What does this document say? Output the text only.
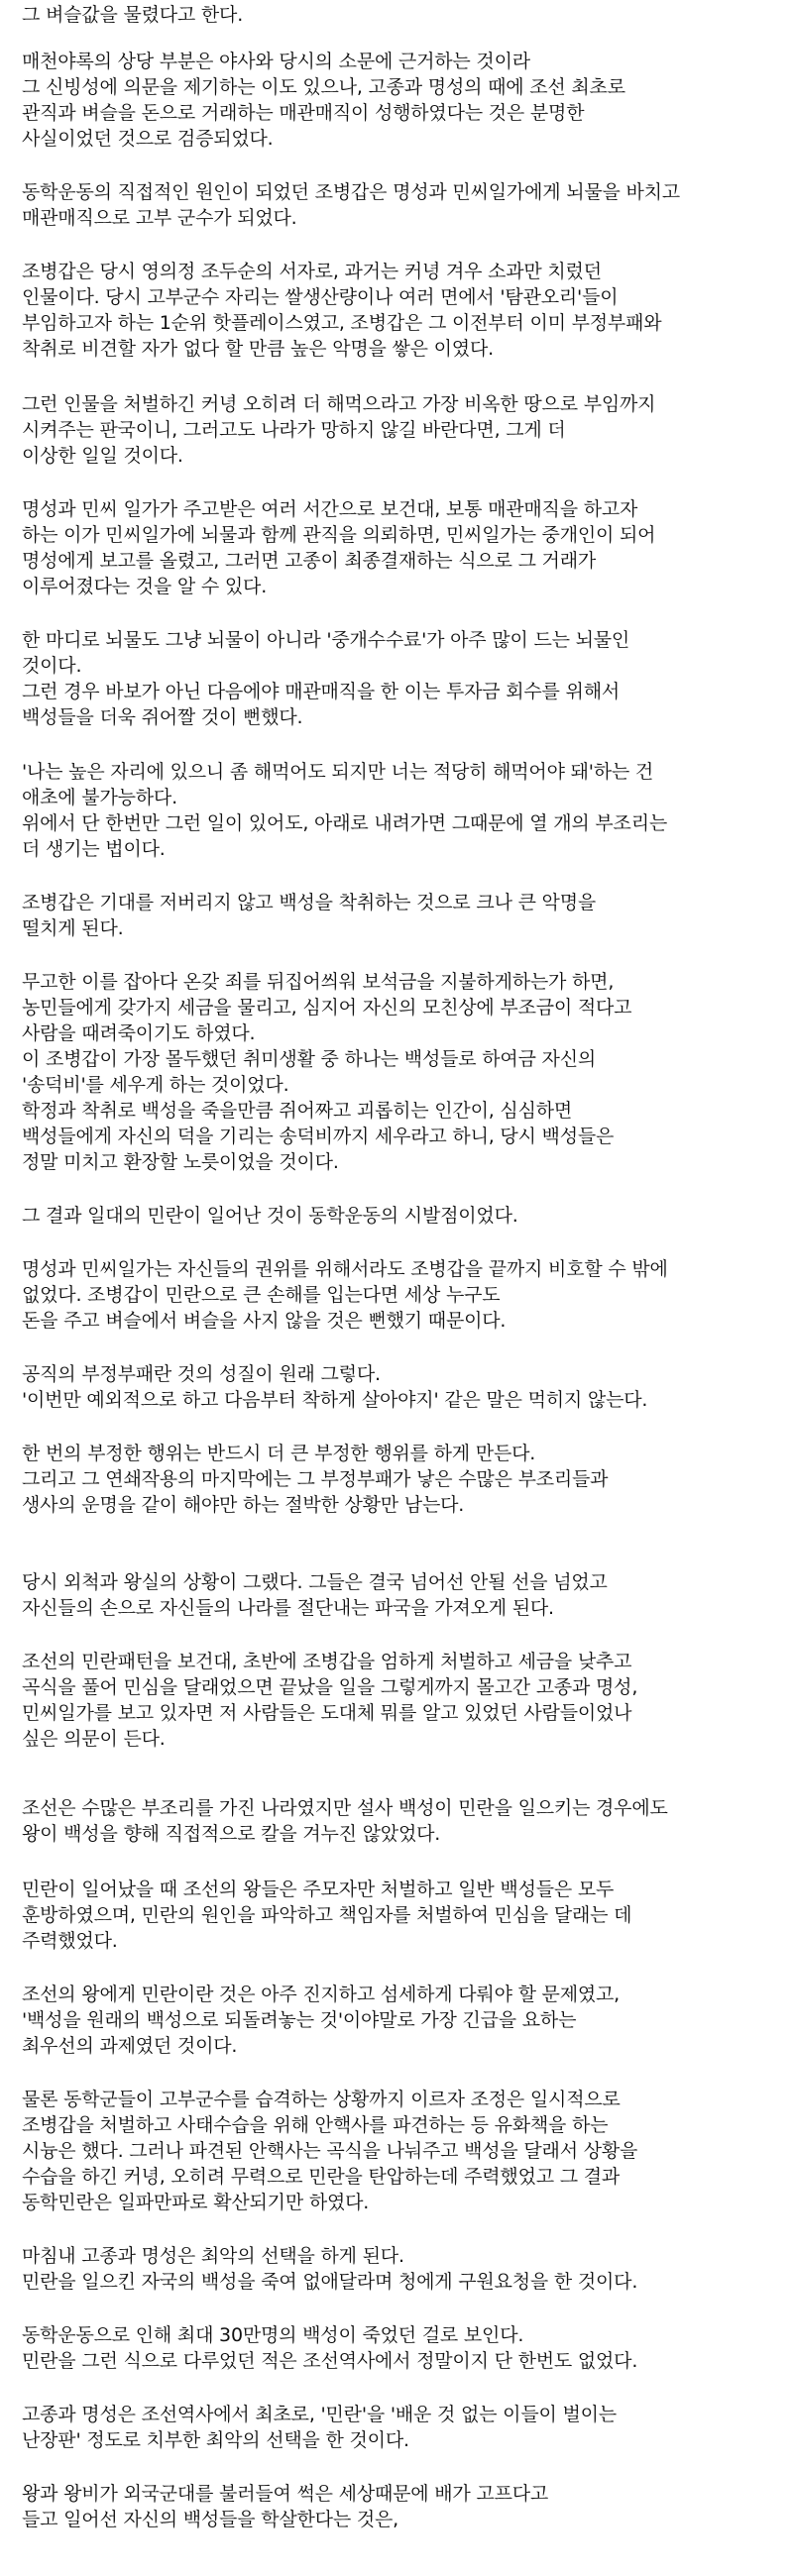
그 벼슬값을 물렸다고 한다.

매천야록의 상당 부분은 야사와 당시의 소문에 근거하는 것이라

그 신빙성에 의문을 제기하는 이도 있으나, 고종과 명성의 때에 조선 최초로

관직과 벼슬을 돈으로 거래하는 매관매직이 성행하였다는 것은 분명한

사실이었던 것으로 검증되었다.

동학운동의 직접적인 원인이 되었던 조병갑은 명성과 민씨일가에게 뇌물을 바치고

매관매직으로 고부 군수가 되었다.

조병갑은 당시 영의정 조두순의 서자로, 과거는 커녕 겨우 소과만 치렀던

인물이다. 당시 고부군수 자리는 쌀생산량이나 여러 면에서 '탐관오리'들이

부임하고자 하는 1순위 핫플레이스였고, 조병갑은 그 이전부터 이미 부정부패와

착취로 비견할 자가 없다 할 만큼 높은 악명을 쌓은 이였다.

그런 인물을 처벌하긴 커녕 오히려 더 해먹으라고 가장 비옥한 땅으로 부임까지

시켜주는 판국이니, 그러고도 나라가 망하지 않길 바란다면, 그게 더

이상한 일일 것이다.

명성과 민씨 일가가 주고받은 여러 서간으로 보건대, 보통 매관매직을 하고자

하는 이가 민씨일가에 뇌물과 함께 관직을 의뢰하면, 민씨일가는 중개인이 되어

명성에게 보고를 올렸고, 그러면 고종이 최종결재하는 식으로 그 거래가

이루어졌다는 것을 알 수 있다.

한 마디로 뇌물도 그냥 뇌물이 아니라 '중개수수료'가 아주 많이 드는 뇌물인

것이다.

그런 경우 바보가 아닌 다음에야 매관매직을 한 이는 투자금 회수를 위해서

백성들을 더욱 쥐어짤 것이 뻔했다.

'나는 높은 자리에 있으니 좀 해먹어도 되지만 너는 적당히 해먹어야 돼'하는 건

애초에 불가능하다.

위에서 단 한번만 그런 일이 있어도, 아래로 내려가면 그때문에 열 개의 부조리는

더 생기는 법이다.

조병갑은 기대를 저버리지 않고 백성을 착취하는 것으로 크나 큰 악명을

떨치게 된다.

무고한 이를 잡아다 온갖 죄를 뒤집어씌워 보석금을 지불하게하는가 하면,

농민들에게 갖가지 세금을 물리고, 심지어 자신의 모친상에 부조금이 적다고

사람을 때려죽이기도 하였다.

이 조병갑이 가장 몰두했던 취미생활 중 하나는 백성들로 하여금 자신의

'송덕비'를 세우게 하는 것이었다.

학정과 착취로 백성을 죽을만큼 쥐어짜고 괴롭히는 인간이, 심심하면

백성들에게 자신의 덕을 기리는 송덕비까지 세우라고 하니, 당시 백성들은

정말 미치고 환장할 노릇이었을 것이다.

그 결과 일대의 민란이 일어난 것이 동학운동의 시발점이었다.

명성과 민씨일가는 자신들의 권위를 위해서라도 조병갑을 끝까지 비호할 수 밖에

없었다. 조병갑이 민란으로 큰 손해를 입는다면 세상 누구도

돈을 주고 벼슬에서 벼슬을 사지 않을 것은 뻔했기 때문이다.

공직의 부정부패란 것의 성질이 원래 그렇다.

'이번만 예외적으로 하고 다음부터 착하게 살아야지' 같은 말은 먹히지 않는다.

한 번의 부정한 행위는 반드시 더 큰 부정한 행위를 하게 만든다.

그리고 그 연쇄작용의 마지막에는 그 부정부패가 낳은 수많은 부조리들과

생사의 운명을 같이 해야만 하는 절박한 상황만 남는다.

당시 외척과 왕실의 상황이 그랬다. 그들은 결국 넘어선 안될 선을 넘었고

자신들의 손으로 자신들의 나라를 절단내는 파국을 가져오게 된다.

조선의 민란패턴을 보건대, 초반에 조병갑을 엄하게 처벌하고 세금을 낮추고

곡식을 풀어 민심을 달래었으면 끝났을 일을 그렇게까지 몰고간 고종과 명성,

민씨일가를 보고 있자면 저 사람들은 도대체 뭐를 알고 있었던 사람들이었나

싶은 의문이 든다.

조선은 수많은 부조리를 가진 나라였지만 설사 백성이 민란을 일으키는 경우에도

왕이 백성을 향해 직접적으로 칼을 겨누진 않았었다.

민란이 일어났을 때 조선의 왕들은 주모자만 처벌하고 일반 백성들은 모두

훈방하였으며, 민란의 원인을 파악하고 책임자를 처벌하여 민심을 달래는 데

주력했었다.

조선의 왕에게 민란이란 것은 아주 진지하고 섬세하게 다뤄야 할 문제였고,

'백성을 원래의 백성으로 되돌려놓는 것'이야말로 가장 긴급을 요하는

최우선의 과제였던 것이다.

물론 동학군들이 고부군수를 습격하는 상황까지 이르자 조정은 일시적으로

조병갑을 처벌하고 사태수습을 위해 안핵사를 파견하는 등 유화책을 하는

시늉은 했다. 그러나 파견된 안핵사는 곡식을 나눠주고 백성을 달래서 상황을

수습을 하긴 커녕, 오히려 무력으로 민란을 탄압하는데 주력했었고 그 결과

동학민란은 일파만파로 확산되기만 하였다.

마침내 고종과 명성은 최악의 선택을 하게 된다.

민란을 일으킨 자국의 백성을 죽여 없애달라며 청에게 구원요청을 한 것이다.

동학운동으로 인해 최대 30만명의 백성이 죽었던 걸로 보인다.

민란을 그런 식으로 다루었던 적은 조선역사에서 정말이지 단 한번도 없었다.

고종과 명성은 조선역사에서 최초로, '민란'을 '배운 것 없는 이들이 벌이는

난장판' 정도로 치부한 최악의 선택을 한 것이다.

왕과 왕비가 외국군대를 불러들여 썩은 세상때문에 배가 고프다고

들고 일어선 자신의 백성들을 학살한다는 것은,
